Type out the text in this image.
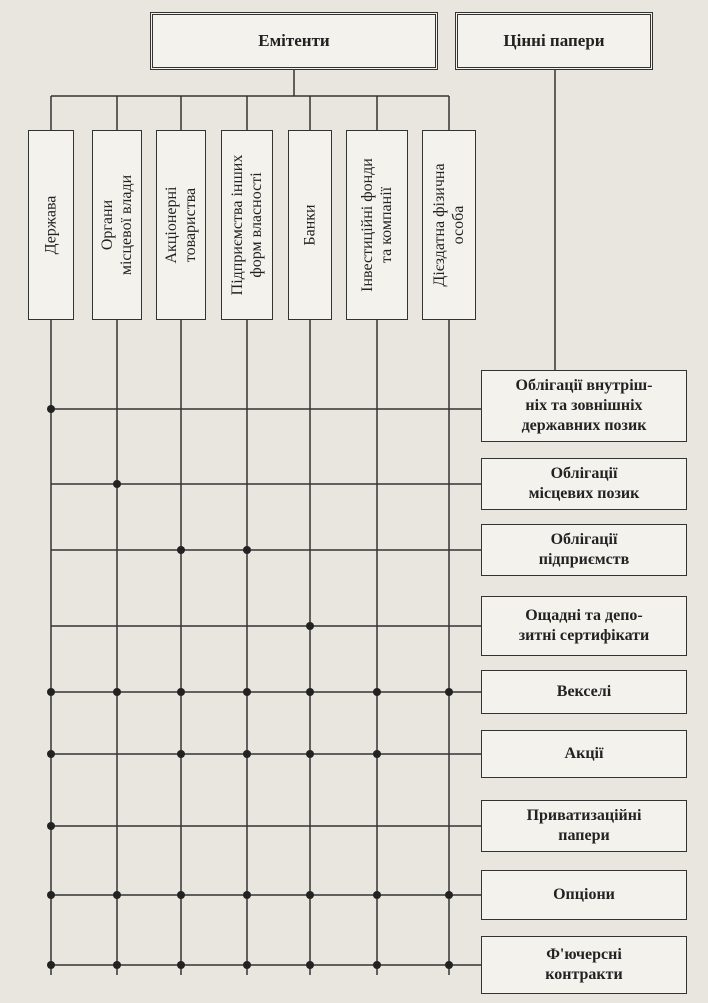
Емітенти	Цінні папери
Держава Органи
місцевої влади Акціонерні
товариства Підприємства інших
форм власності Банки	Інвестиційні фонди
та компанії
Дієздатна фізична
особа
Облігації внутріш-
ніх та зовнішніх
державних позик
Облігації
місцевих позик
Облігації
підприємств
Ощадні та депо-
зитні сертифікати
Векселі
Акції
Приватизаційні
папери
Опціони
Ф'ючерсні
контракти
